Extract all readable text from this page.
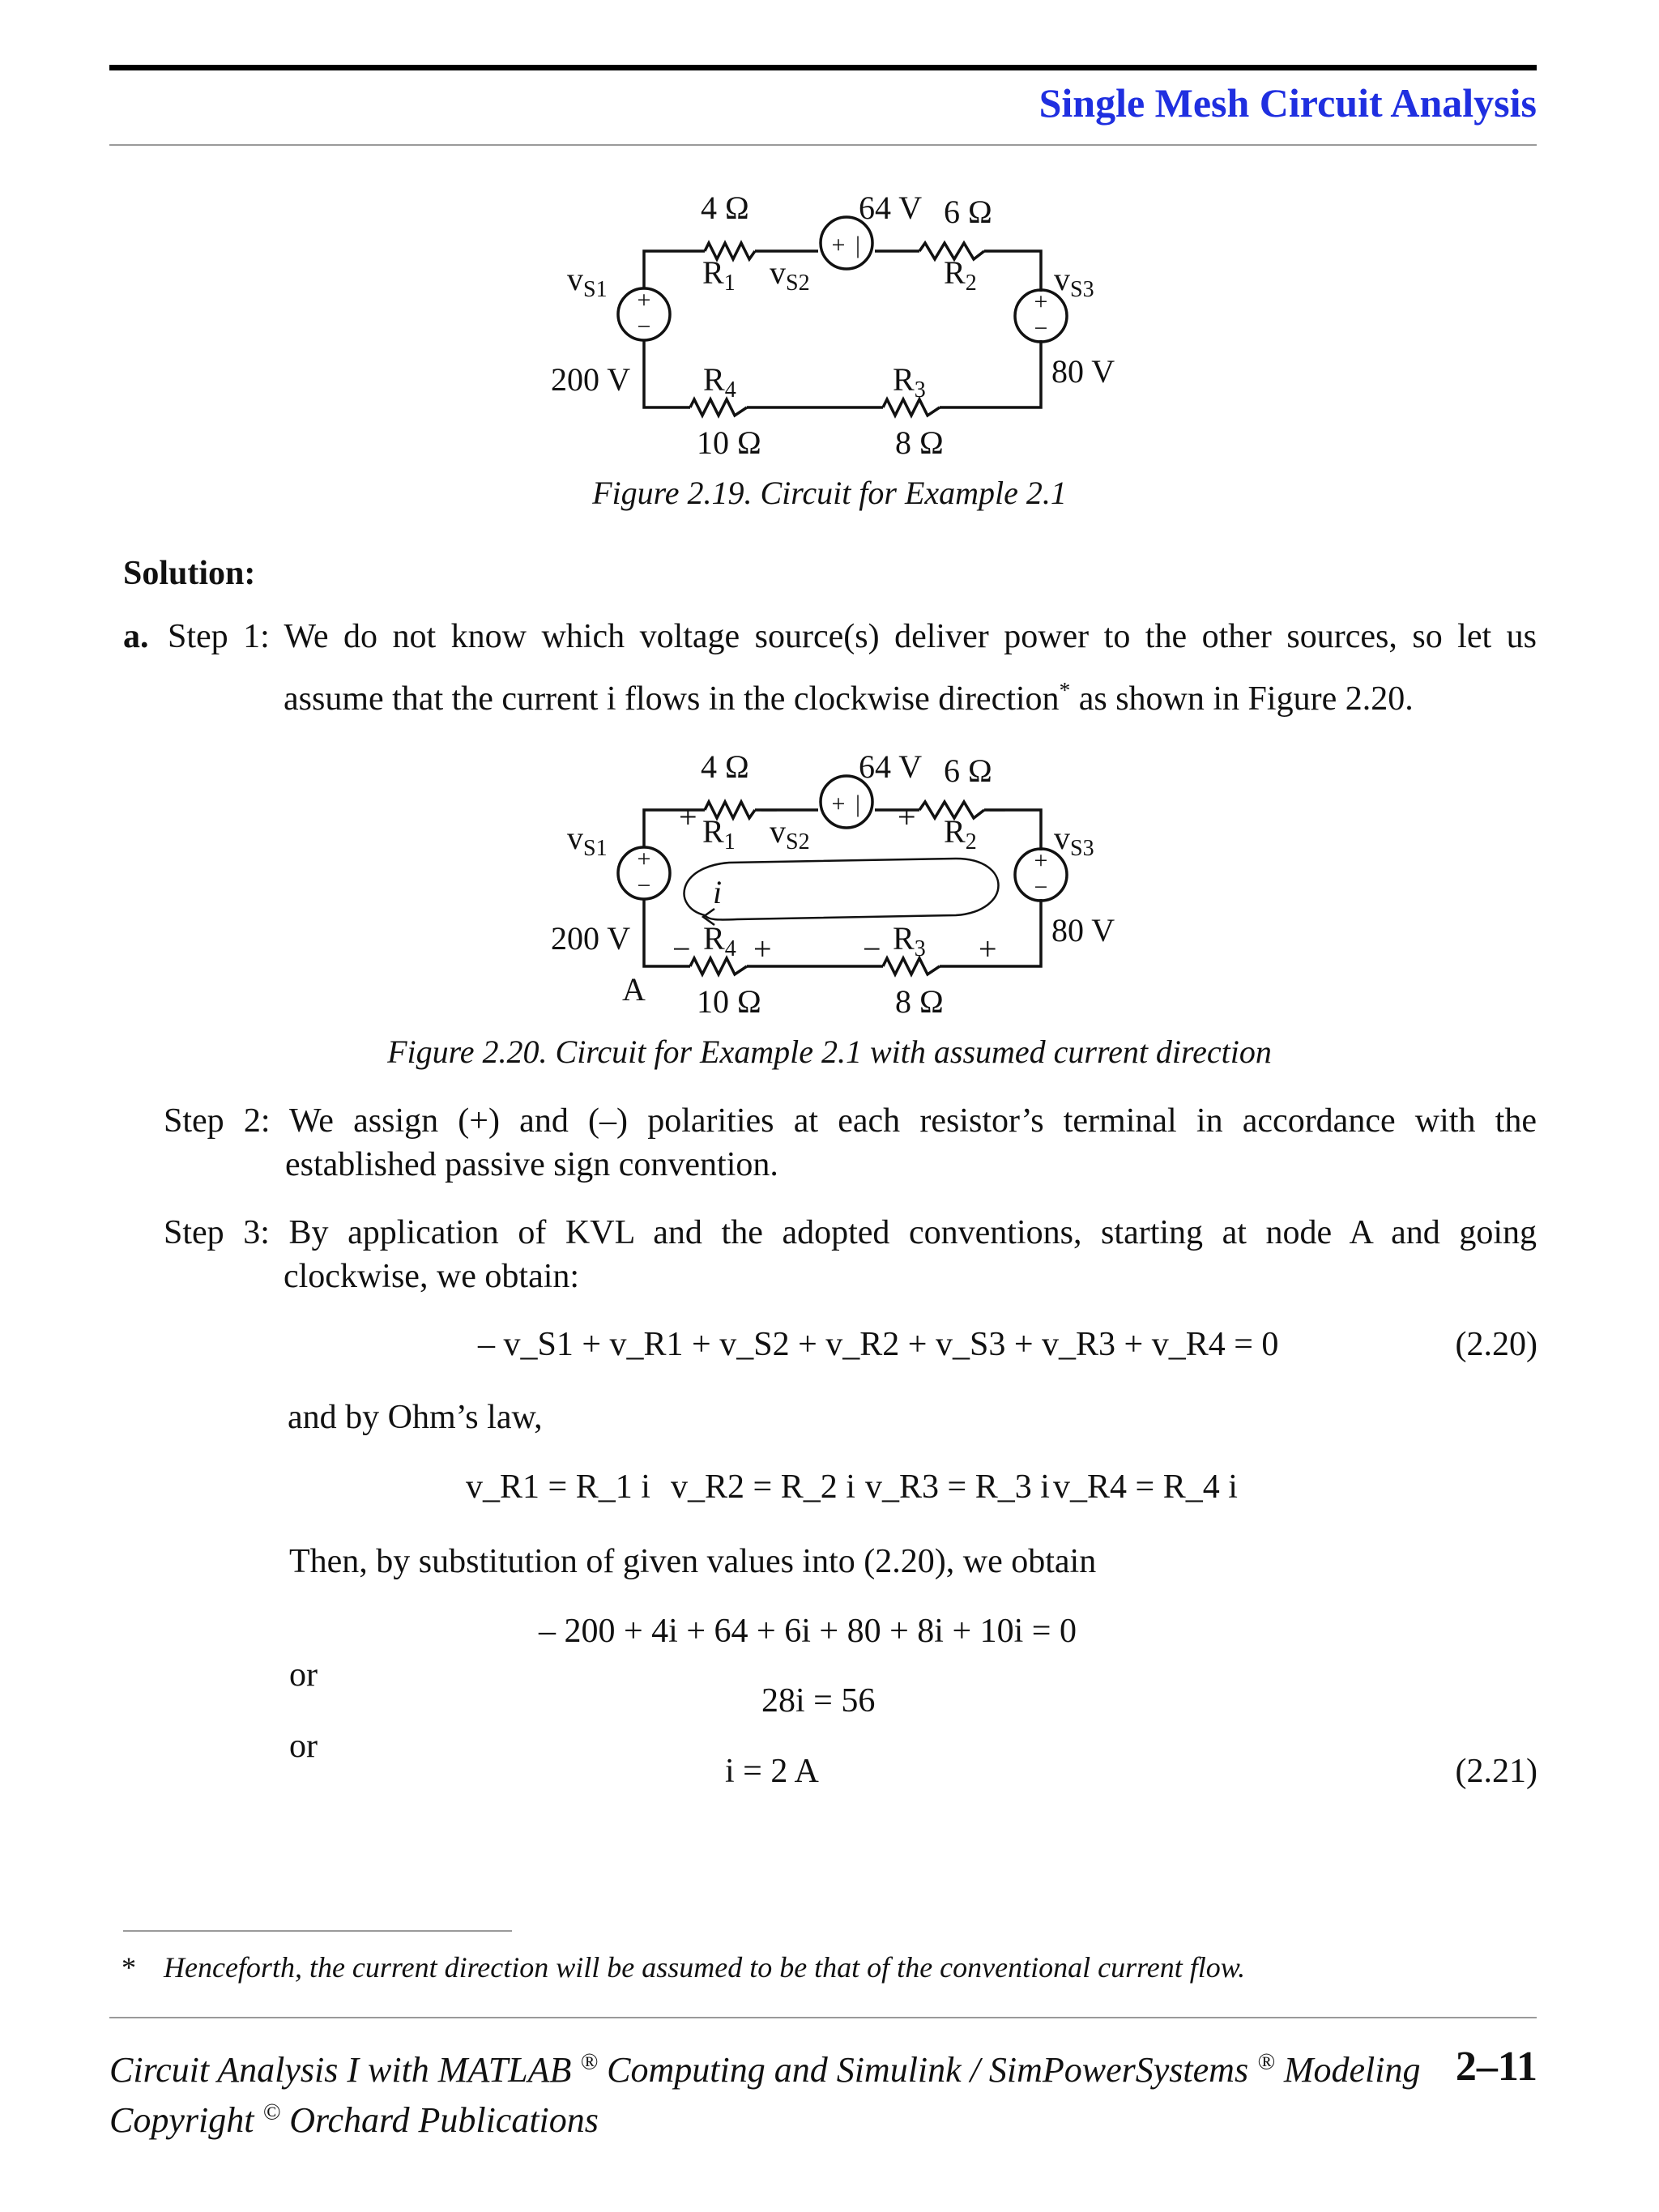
Single Mesh Circuit Analysis
+
−
+
−
+ |
4 Ω	64 V 6 Ω
$R_1$ $v_{S2}$	$R_2$
$v_{S1}$	$v_{S3}$
200 V	80 V
$R_4$	$R_3$
10 Ω	8 Ω
Figure 2.19. Circuit for Example 2.1
Solution:
a. Step 1: We do not know which voltage source(s) deliver power to the other sources, so let us
assume that the current i flows in the clockwise direction* as shown in Figure 2.20.
+
−
+
−
+ |
4 Ω	64 V 6 Ω
+ −	+ −
$R_1$ $v_{S2}$	$R_2$
$v_{S1}$	$v_{S3}$
i
200 V	80 V
− $R_4$ +	− $R_3$ +
A 10 Ω	8 Ω
Figure 2.20. Circuit for Example 2.1 with assumed current direction
Step 2: We assign (+) and (–) polarities at each resistor’s terminal in accordance with the
established passive sign convention.
Step 3: By application of KVL and the adopted conventions, starting at node A and going
clockwise, we obtain:
– v_S1 + v_R1 + v_S2 + v_R2 + v_S3 + v_R3 + v_R4 = 0	(2.20)
and by Ohm’s law,
v_R1 = R_1 i v_R2 = R_2 i v_R3 = R_3 i v_R4 = R_4 i
Then, by substitution of given values into (2.20), we obtain
– 200 + 4i + 64 + 6i + 80 + 8i + 10i = 0
or
28i = 56
or
i = 2 A	(2.21)
* Henceforth, the current direction will be assumed to be that of the conventional current flow.
Circuit Analysis I with MATLAB ® Computing and Simulink / SimPowerSystems ® Modeling 2–11
Copyright © Orchard Publications
